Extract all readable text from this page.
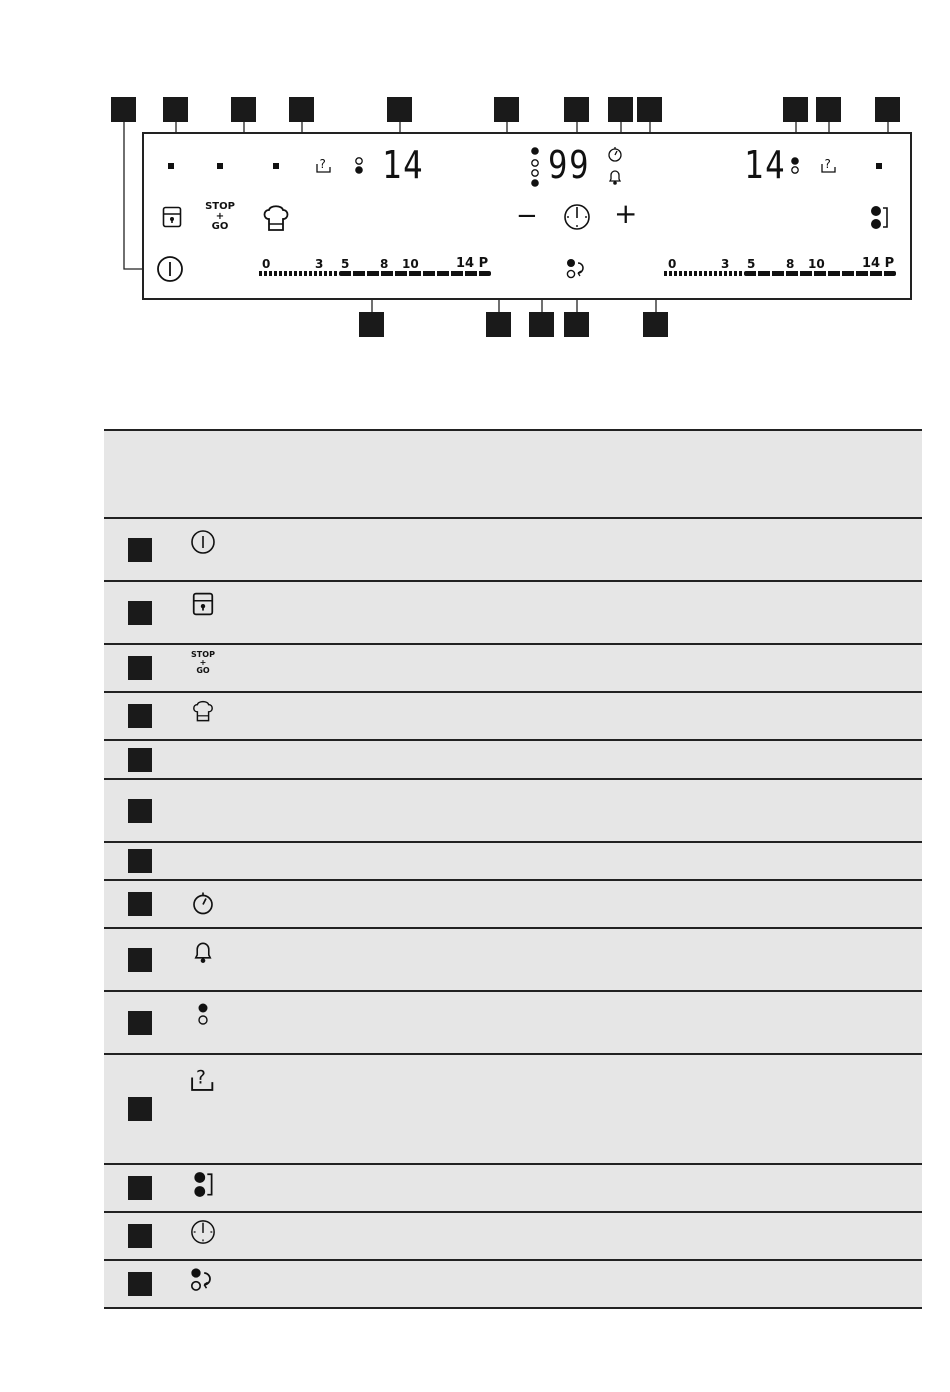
? 14	99	14	?
STOP
+
GO	−	+
0	3 5	8 10	14 P	0	3 5	8 10	14 P

	STOP
+
GO	

?	
